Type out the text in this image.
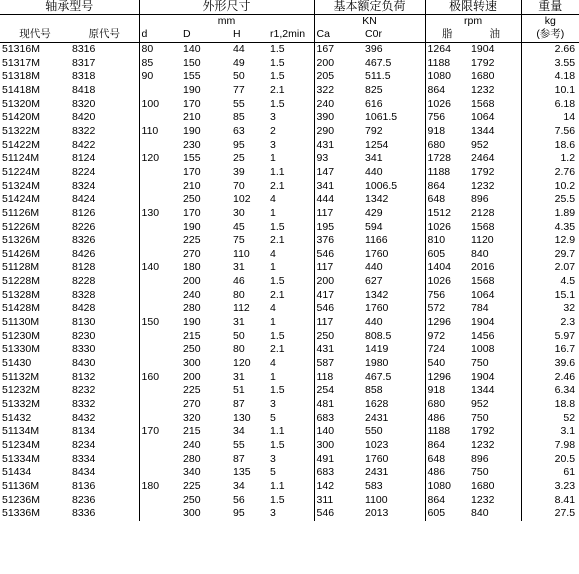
轴承型号		外形尺寸				基本额定负荷		极限转速		重量
		mm				KN		rpm		kg
现代号	原代号	d	D	H	r1,2min	Ca	C0r	脂	油	(参考)
51316M	8316	80	140	44	1.5	167	396	1264	1904	2.66
51317M	8317	85	150	49	1.5	200	467.5	1188	1792	3.55
51318M	8318	90	155	50	1.5	205	511.5	1080	1680	4.18
51418M	8418		190	77	2.1	322	825	864	1232	10.1
51320M	8320	100	170	55	1.5	240	616	1026	1568	6.18
51420M	8420		210	85	3	390	1061.5	756	1064	14
51322M	8322	110	190	63	2	290	792	918	1344	7.56
51422M	8422		230	95	3	431	1254	680	952	18.6
51124M	8124	120	155	25	1	93	341	1728	2464	1.2
51224M	8224		170	39	1.1	147	440	1188	1792	2.76
51324M	8324		210	70	2.1	341	1006.5	864	1232	10.2
51424M	8424		250	102	4	444	1342	648	896	25.5
51126M	8126	130	170	30	1	117	429	1512	2128	1.89
51226M	8226		190	45	1.5	195	594	1026	1568	4.35
51326M	8326		225	75	2.1	376	1166	810	1120	12.9
51426M	8426		270	110	4	546	1760	605	840	29.7
51128M	8128	140	180	31	1	117	440	1404	2016	2.07
51228M	8228		200	46	1.5	200	627	1026	1568	4.5
51328M	8328		240	80	2.1	417	1342	756	1064	15.1
51428M	8428		280	112	4	546	1760	572	784	32
51130M	8130	150	190	31	1	117	440	1296	1904	2.3
51230M	8230		215	50	1.5	250	808.5	972	1456	5.97
51330M	8330		250	80	2.1	431	1419	724	1008	16.7
51430	8430		300	120	4	587	1980	540	750	39.6
51132M	8132	160	200	31	1	118	467.5	1296	1904	2.46
51232M	8232		225	51	1.5	254	858	918	1344	6.34
51332M	8332		270	87	3	481	1628	680	952	18.8
51432	8432		320	130	5	683	2431	486	750	52
51134M	8134	170	215	34	1.1	140	550	1188	1792	3.1
51234M	8234		240	55	1.5	300	1023	864	1232	7.98
51334M	8334		280	87	3	491	1760	648	896	20.5
51434	8434		340	135	5	683	2431	486	750	61
51136M	8136	180	225	34	1.1	142	583	1080	1680	3.23
51236M	8236		250	56	1.5	311	1100	864	1232	8.41
51336M	8336		300	95	3	546	2013	605	840	27.5
